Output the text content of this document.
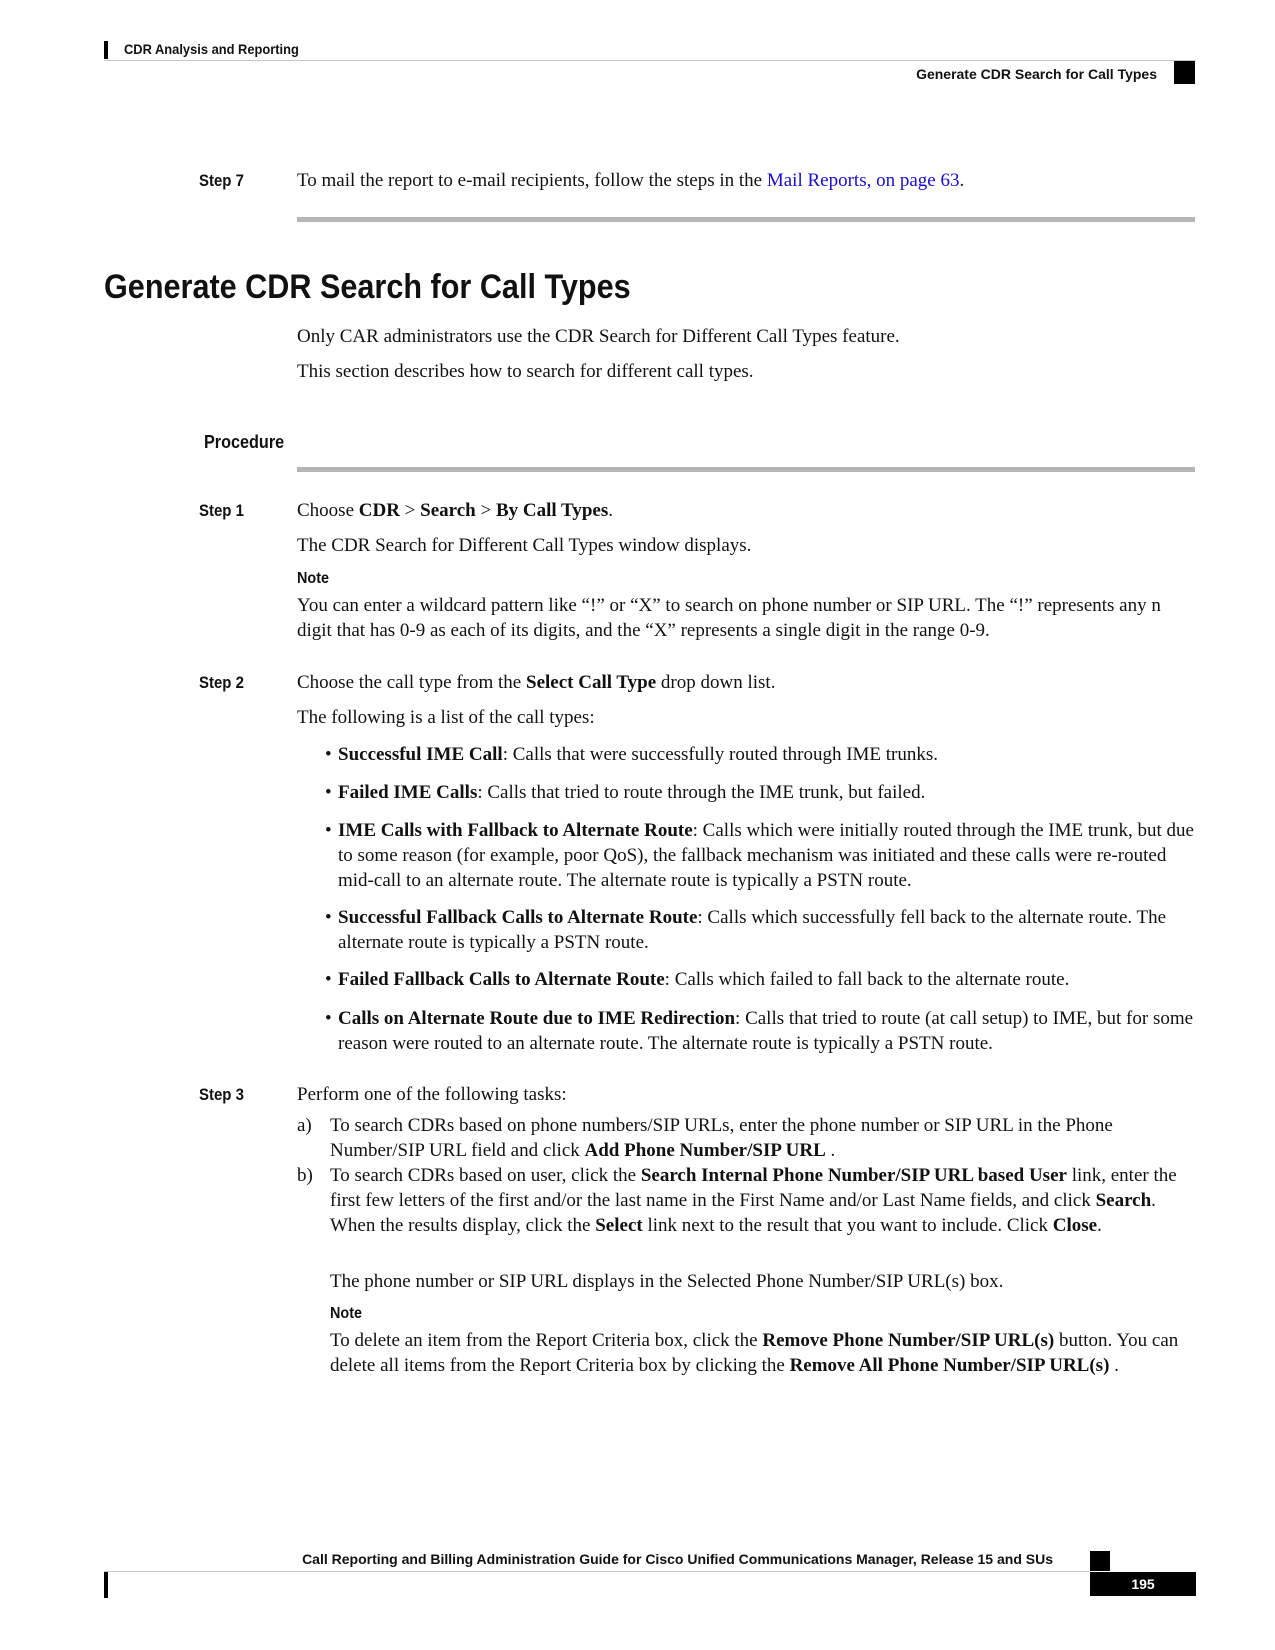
CDR Analysis and Reporting
Generate CDR Search for Call Types
Step 7	To mail the report to e-mail recipients, follow the steps in the Mail Reports, on page 63.
Generate CDR Search for Call Types
Only CAR administrators use the CDR Search for Different Call Types feature.
This section describes how to search for different call types.
Procedure
Step 1	Choose CDR > Search > By Call Types.
The CDR Search for Different Call Types window displays.
Note
You can enter a wildcard pattern like “!” or “X” to search on phone number or SIP URL. The “!” represents any n digit that has 0-9 as each of its digits, and the “X” represents a single digit in the range 0-9.
Step 2	Choose the call type from the Select Call Type drop down list.
The following is a list of the call types:
• Successful IME Call: Calls that were successfully routed through IME trunks.
• Failed IME Calls: Calls that tried to route through the IME trunk, but failed.
• IME Calls with Fallback to Alternate Route: Calls which were initially routed through the IME trunk, but due to some reason (for example, poor QoS), the fallback mechanism was initiated and these calls were re-routed mid-call to an alternate route. The alternate route is typically a PSTN route.
• Successful Fallback Calls to Alternate Route: Calls which successfully fell back to the alternate route. The alternate route is typically a PSTN route.
• Failed Fallback Calls to Alternate Route: Calls which failed to fall back to the alternate route.
• Calls on Alternate Route due to IME Redirection: Calls that tried to route (at call setup) to IME, but for some reason were routed to an alternate route. The alternate route is typically a PSTN route.
Step 3	Perform one of the following tasks:
a) To search CDRs based on phone numbers/SIP URLs, enter the phone number or SIP URL in the Phone Number/SIP URL field and click Add Phone Number/SIP URL .
b) To search CDRs based on user, click the Search Internal Phone Number/SIP URL based User link, enter the first few letters of the first and/or the last name in the First Name and/or Last Name fields, and click Search. When the results display, click the Select link next to the result that you want to include. Click Close.
The phone number or SIP URL displays in the Selected Phone Number/SIP URL(s) box.
Note
To delete an item from the Report Criteria box, click the Remove Phone Number/SIP URL(s) button. You can delete all items from the Report Criteria box by clicking the Remove All Phone Number/SIP URL(s) .
Call Reporting and Billing Administration Guide for Cisco Unified Communications Manager, Release 15 and SUs
195
